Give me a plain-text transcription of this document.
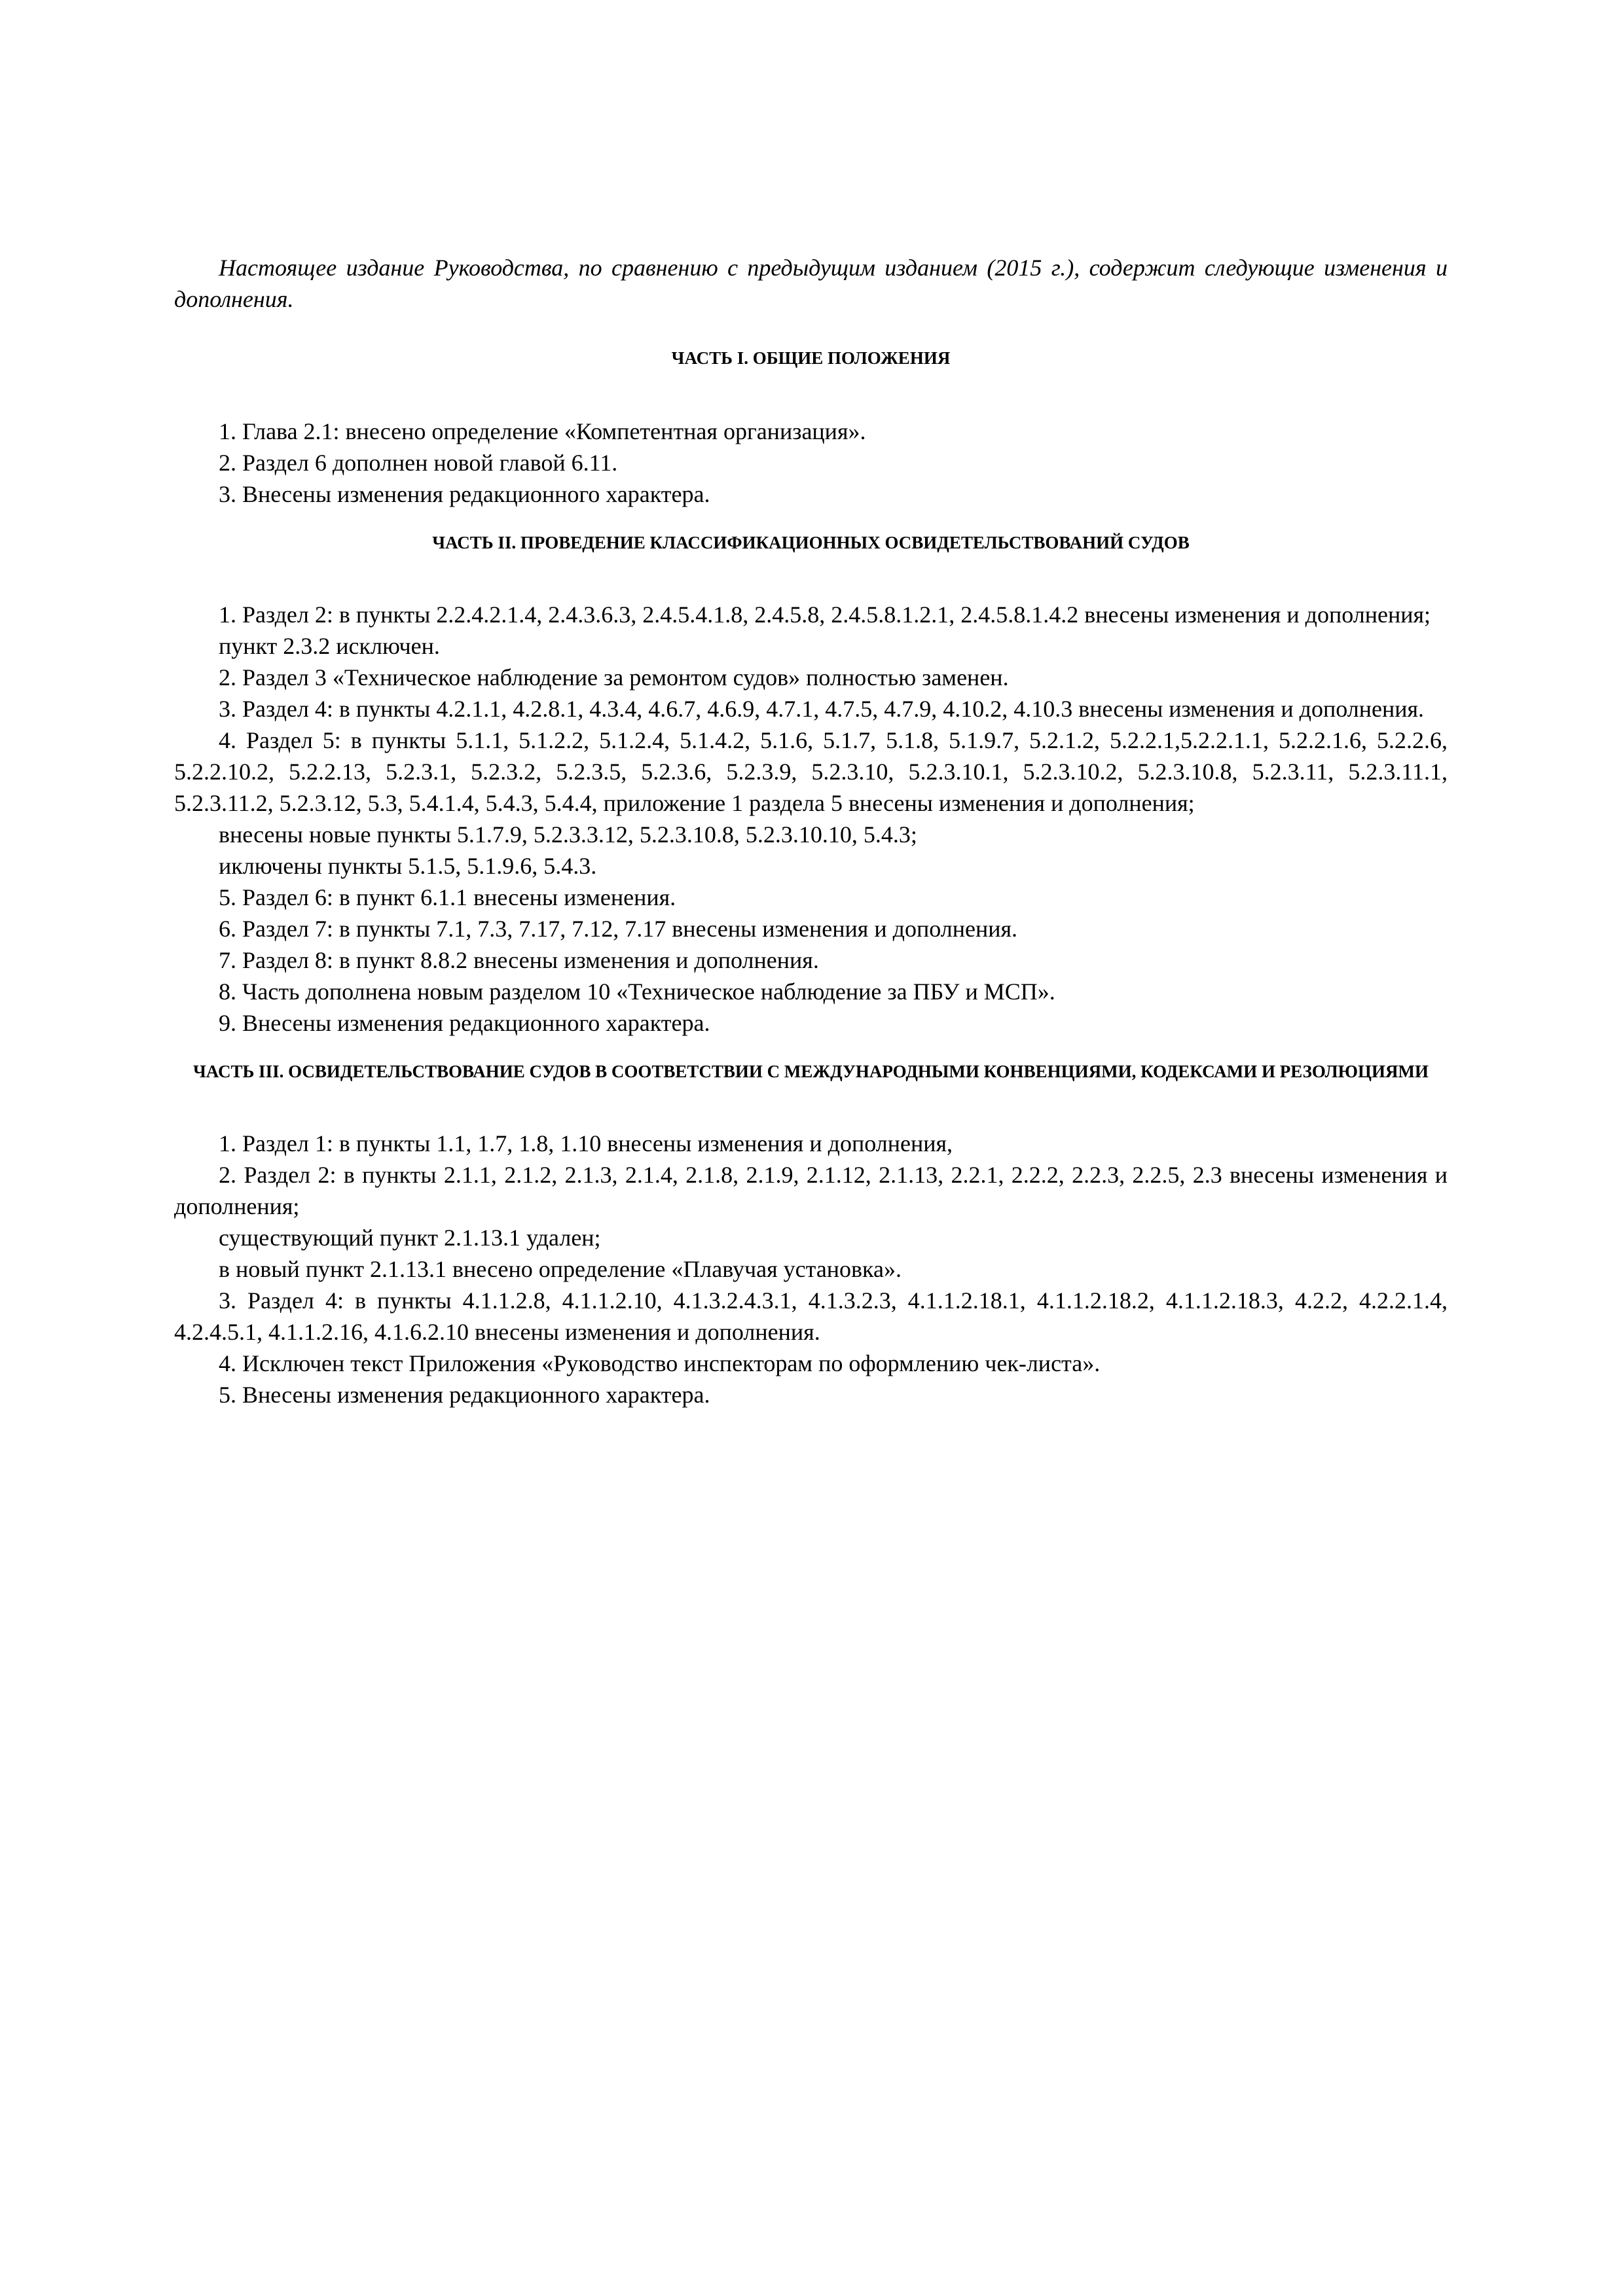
Настоящее издание Руководства, по сравнению с предыдущим изданием (2015 г.), содержит следующие изменения и дополнения.

ЧАСТЬ I. ОБЩИЕ ПОЛОЖЕНИЯ

1. Глава 2.1: внесено определение «Компетентная организация».

2. Раздел 6 дополнен новой главой 6.11.

3. Внесены изменения редакционного характера.

ЧАСТЬ II. ПРОВЕДЕНИЕ КЛАССИФИКАЦИОННЫХ ОСВИДЕТЕЛЬСТВОВАНИЙ СУДОВ

1. Раздел 2: в пункты 2.2.4.2.1.4, 2.4.3.6.3, 2.4.5.4.1.8, 2.4.5.8, 2.4.5.8.1.2.1, 2.4.5.8.1.4.2 внесены изменения и дополнения;

пункт 2.3.2 исключен.

2. Раздел 3 «Техническое наблюдение за ремонтом судов» полностью заменен.

3. Раздел 4: в пункты 4.2.1.1, 4.2.8.1, 4.3.4, 4.6.7, 4.6.9, 4.7.1, 4.7.5, 4.7.9, 4.10.2, 4.10.3 внесены изменения и дополнения.

4. Раздел 5: в пункты 5.1.1, 5.1.2.2, 5.1.2.4, 5.1.4.2, 5.1.6, 5.1.7, 5.1.8, 5.1.9.7, 5.2.1.2, 5.2.2.1,5.2.2.1.1, 5.2.2.1.6, 5.2.2.6, 5.2.2.10.2, 5.2.2.13, 5.2.3.1, 5.2.3.2, 5.2.3.5, 5.2.3.6, 5.2.3.9, 5.2.3.10, 5.2.3.10.1, 5.2.3.10.2, 5.2.3.10.8, 5.2.3.11, 5.2.3.11.1, 5.2.3.11.2, 5.2.3.12, 5.3, 5.4.1.4, 5.4.3, 5.4.4, приложение 1 раздела 5 внесены изменения и дополнения;

внесены новые пункты 5.1.7.9, 5.2.3.3.12, 5.2.3.10.8, 5.2.3.10.10, 5.4.3;

иключены пункты 5.1.5, 5.1.9.6, 5.4.3.

5. Раздел 6: в пункт 6.1.1 внесены изменения.

6. Раздел 7: в пункты 7.1, 7.3, 7.17, 7.12, 7.17 внесены изменения и дополнения.

7. Раздел 8: в пункт 8.8.2 внесены изменения и дополнения.

8. Часть дополнена новым разделом 10 «Техническое наблюдение за ПБУ и МСП».

9. Внесены изменения редакционного характера.

ЧАСТЬ III. ОСВИДЕТЕЛЬСТВОВАНИЕ СУДОВ В СООТВЕТСТВИИ С МЕЖДУНАРОДНЫМИ КОНВЕНЦИЯМИ, КОДЕКСАМИ И РЕЗОЛЮЦИЯМИ

1. Раздел 1: в пункты 1.1, 1.7, 1.8, 1.10 внесены изменения и дополнения,

2. Раздел 2: в пункты 2.1.1, 2.1.2, 2.1.3, 2.1.4, 2.1.8, 2.1.9, 2.1.12, 2.1.13, 2.2.1, 2.2.2, 2.2.3, 2.2.5, 2.3 внесены изменения и дополнения;

существующий пункт 2.1.13.1 удален;

в новый пункт 2.1.13.1 внесено определение «Плавучая установка».

3. Раздел 4: в пункты 4.1.1.2.8, 4.1.1.2.10, 4.1.3.2.4.3.1, 4.1.3.2.3, 4.1.1.2.18.1, 4.1.1.2.18.2, 4.1.1.2.18.3, 4.2.2, 4.2.2.1.4, 4.2.4.5.1, 4.1.1.2.16, 4.1.6.2.10 внесены изменения и дополнения.

4. Исключен текст Приложения «Руководство инспекторам по оформлению чек-листа».

5. Внесены изменения редакционного характера.
